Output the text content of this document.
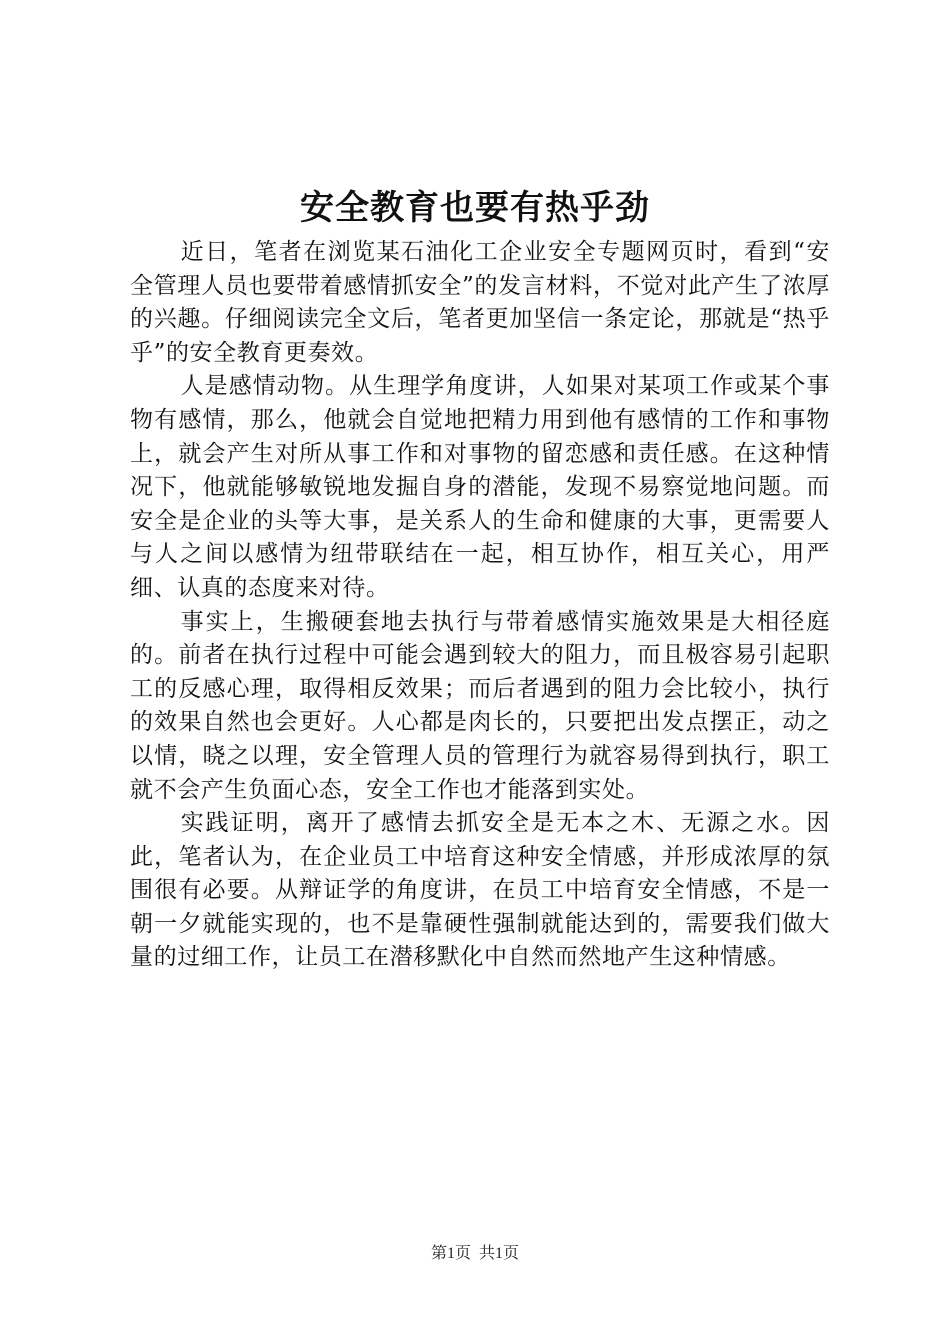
安全教育也要有热乎劲

近日，笔者在浏览某石油化工企业安全专题网页时，看到“安全管理人员也要带着感情抓安全”的发言材料，不觉对此产生了浓厚的兴趣。仔细阅读完全文后，笔者更加坚信一条定论，那就是“热乎乎”的安全教育更奏效。

人是感情动物。从生理学角度讲，人如果对某项工作或某个事物有感情，那么，他就会自觉地把精力用到他有感情的工作和事物上，就会产生对所从事工作和对事物的留恋感和责任感。在这种情况下，他就能够敏锐地发掘自身的潜能，发现不易察觉地问题。而安全是企业的头等大事，是关系人的生命和健康的大事，更需要人与人之间以感情为纽带联结在一起，相互协作，相互关心，用严细、认真的态度来对待。

事实上，生搬硬套地去执行与带着感情实施效果是大相径庭的。前者在执行过程中可能会遇到较大的阻力，而且极容易引起职工的反感心理，取得相反效果；而后者遇到的阻力会比较小，执行的效果自然也会更好。人心都是肉长的，只要把出发点摆正，动之以情，晓之以理，安全管理人员的管理行为就容易得到执行，职工就不会产生负面心态，安全工作也才能落到实处。

实践证明，离开了感情去抓安全是无本之木、无源之水。因此，笔者认为，在企业员工中培育这种安全情感，并形成浓厚的氛围很有必要。从辩证学的角度讲，在员工中培育安全情感，不是一朝一夕就能实现的，也不是靠硬性强制就能达到的，需要我们做大量的过细工作，让员工在潜移默化中自然而然地产生这种情感。

第1页 共1页
